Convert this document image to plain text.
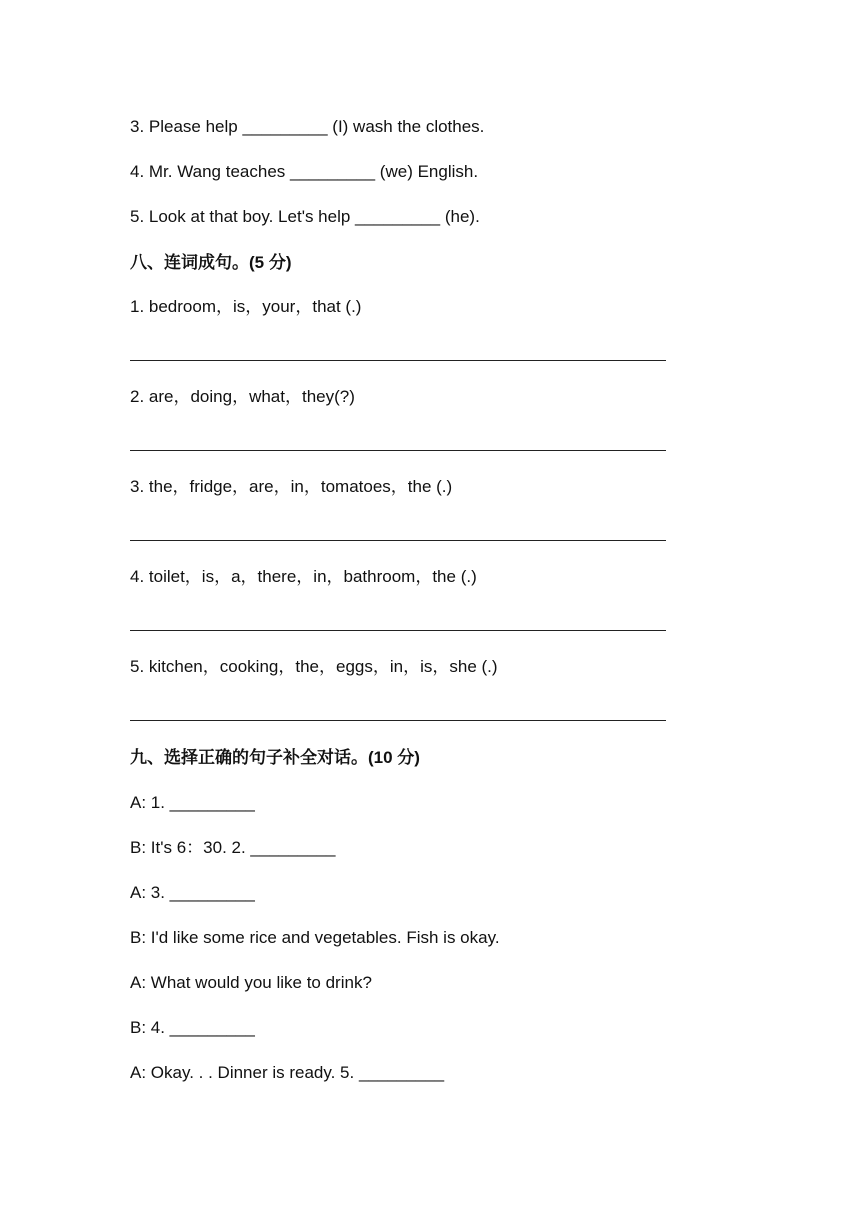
3. Please help _________ (I) wash the clothes.
4. Mr. Wang teaches _________ (we) English.
5. Look at that boy. Let's help _________ (he).
八、连词成句。(5 分)
1. bedroom，is，your，that (.)
2. are，doing，what，they(?)
3. the，fridge，are，in，tomatoes，the (.)
4. toilet，is，a，there，in，bathroom，the (.)
5. kitchen，cooking，the，eggs，in，is，she (.)
九、选择正确的句子补全对话。(10 分)
A: 1. _________
B: It's 6：30. 2. _________
A: 3. _________
B: I'd like some rice and vegetables. Fish is okay.
A: What would you like to drink?
B: 4. _________
A: Okay. . . Dinner is ready. 5. _________
